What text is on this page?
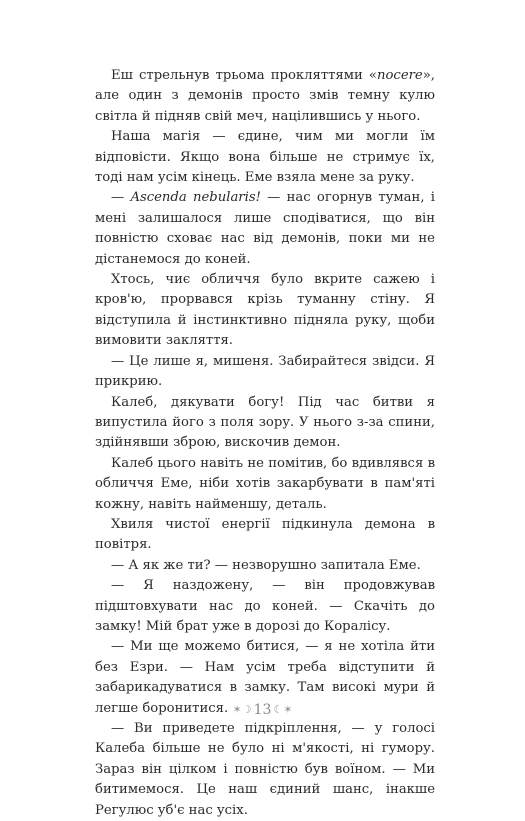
Еш стрельнув трьома прокляттями «nocere», але один з демонів просто змів темну кулю світла й підняв свій меч, націлившись у нього.

Наша магія — єдине, чим ми могли їм відповісти. Якщо вона більше не стримує їх, тоді нам усім кінець. Еме взяла мене за руку.

— Ascenda nebularis! — нас огорнув туман, і мені залишалося лише сподіватися, що він повністю сховає нас від демонів, поки ми не дістанемося до коней.

Хтось, чиє обличчя було вкрите сажею і кров'ю, прорвався крізь туманну стіну. Я відступила й інстинктивно підняла руку, щоби вимовити закляття.

— Це лише я, мишеня. Забирайтеся звідси. Я прикрию.

Калеб, дякувати богу! Під час битви я випустила його з поля зору. У нього з-за спини, здійнявши зброю, вискочив демон.

Калеб цього навіть не помітив, бо вдивлявся в обличчя Еме, ніби хотів закарбувати в пам'яті кожну, навіть найменшу, деталь.

Хвиля чистої енергії підкинула демона в повітря.

— А як же ти? — незворушно запитала Еме.

— Я наздожену, — він продовжував підштовхувати нас до коней. — Скачіть до замку! Мій брат уже в дорозі до Коралісу.

— Ми ще можемо битися, — я не хотіла йти без Езри. — Нам усім треба відступити й забарикадуватися в замку. Там високі мури й легше боронитися.

— Ви приведете підкріплення, — у голосі Калеба більше не було ні м'якості, ні гумору. Зараз він цілком і повністю був воїном. — Ми битимемося. Це наш єдиний шанс, інакше Регулюс уб'є нас усіх.

✶☽ 13 ☾✶
